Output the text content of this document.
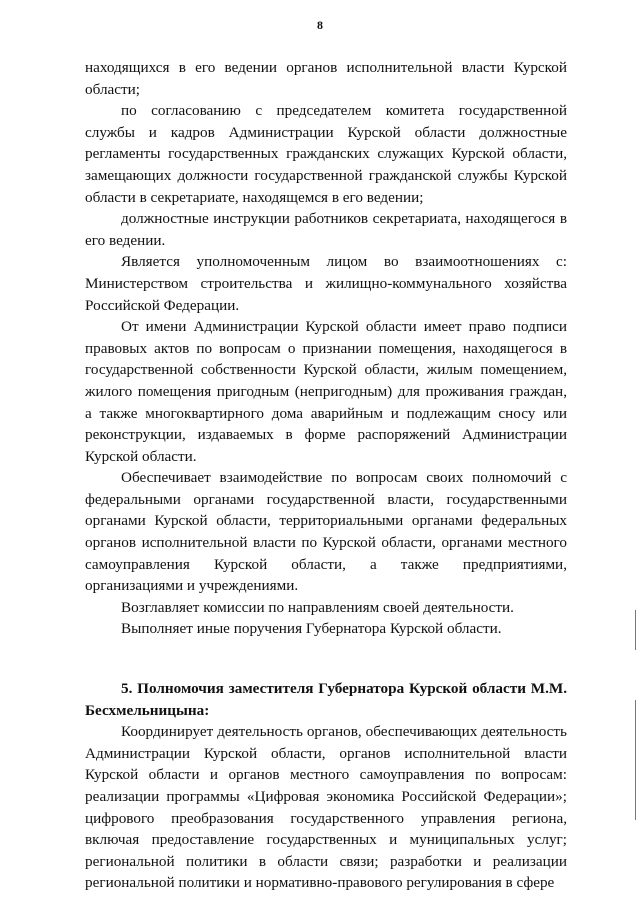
8

находящихся в его ведении органов исполнительной власти Курской области;

по согласованию с председателем комитета государственной службы и кадров Администрации Курской области должностные регламенты государственных гражданских служащих Курской области, замещающих должности государственной гражданской службы Курской области в секретариате, находящемся в его ведении;

должностные инструкции работников секретариата, находящегося в его ведении.

Является уполномоченным лицом во взаимоотношениях с: Министерством строительства и жилищно-коммунального хозяйства Российской Федерации.

От имени Администрации Курской области имеет право подписи правовых актов по вопросам о признании помещения, находящегося в государственной собственности Курской области, жилым помещением, жилого помещения пригодным (непригодным) для проживания граждан, а также многоквартирного дома аварийным и подлежащим сносу или реконструкции, издаваемых в форме распоряжений Администрации Курской области.

Обеспечивает взаимодействие по вопросам своих полномочий с федеральными органами государственной власти, государственными органами Курской области, территориальными органами федеральных органов исполнительной власти по Курской области, органами местного самоуправления Курской области, а также предприятиями, организациями и учреждениями.

Возглавляет комиссии по направлениям своей деятельности.

Выполняет иные поручения Губернатора Курской области.

5. Полномочия заместителя Губернатора Курской области М.М. Бесхмельницына:

Координирует деятельность органов, обеспечивающих деятельность Администрации Курской области, органов исполнительной власти Курской области и органов местного самоуправления по вопросам: реализации программы «Цифровая экономика Российской Федерации»; цифрового преобразования государственного управления региона, включая предоставление государственных и муниципальных услуг; региональной политики в области связи; разработки и реализации региональной политики и нормативно-правового регулирования в сфере
